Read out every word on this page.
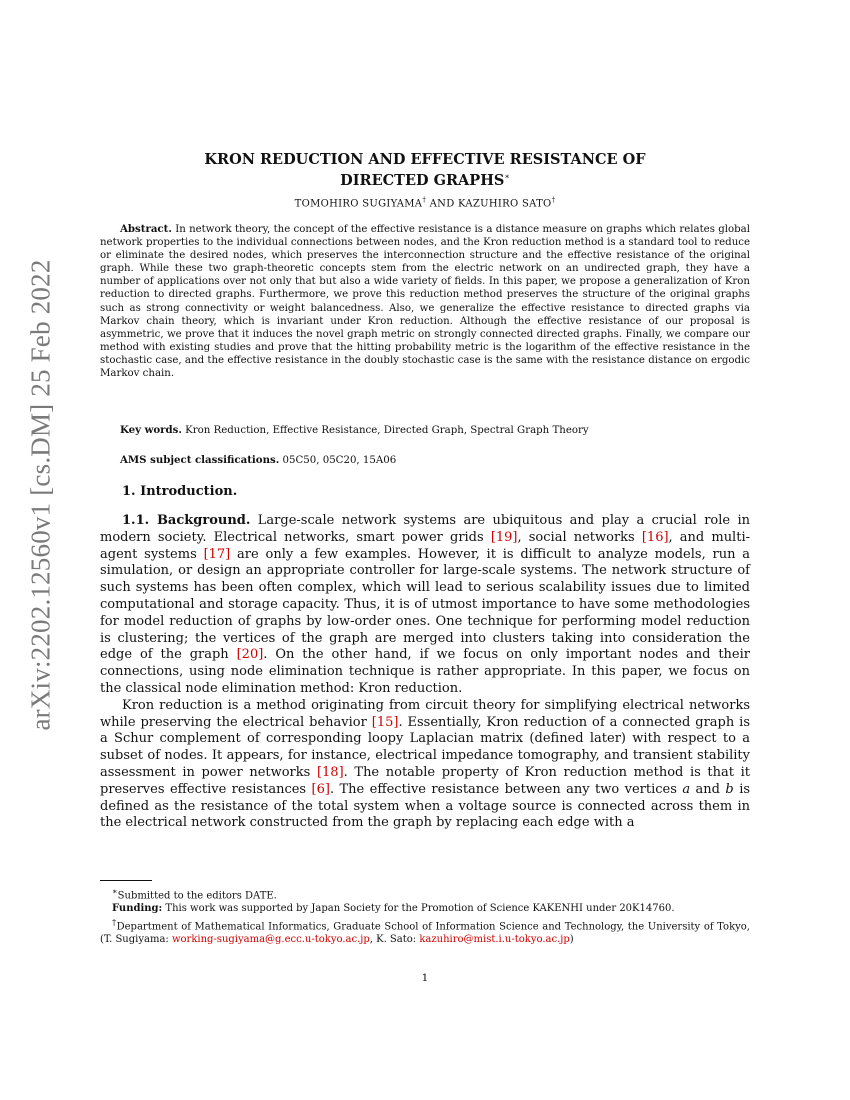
arXiv:2202.12560v1 [cs.DM] 25 Feb 2022
KRON REDUCTION AND EFFECTIVE RESISTANCE OF
DIRECTED GRAPHS∗
TOMOHIRO SUGIYAMA† AND KAZUHIRO SATO†

Abstract. In network theory, the concept of the effective resistance is a distance measure on graphs which relates global network properties to the individual connections between nodes, and the Kron reduction method is a standard tool to reduce or eliminate the desired nodes, which preserves the interconnection structure and the effective resistance of the original graph. While these two graph-theoretic concepts stem from the electric network on an undirected graph, they have a number of applications over not only that but also a wide variety of fields. In this paper, we propose a generalization of Kron reduction to directed graphs. Furthermore, we prove this reduction method preserves the structure of the original graphs such as strong connectivity or weight balancedness. Also, we generalize the effective resistance to directed graphs via Markov chain theory, which is invariant under Kron reduction. Although the effective resistance of our proposal is asymmetric, we prove that it induces the novel graph metric on strongly connected directed graphs. Finally, we compare our method with existing studies and prove that the hitting probability metric is the logarithm of the effective resistance in the stochastic case, and the effective resistance in the doubly stochastic case is the same with the resistance distance on ergodic Markov chain.

Key words. Kron Reduction, Effective Resistance, Directed Graph, Spectral Graph Theory

AMS subject classifications. 05C50, 05C20, 15A06

1. Introduction.

1.1. Background. Large-scale network systems are ubiquitous and play a crucial role in modern society. Electrical networks, smart power grids [19], social networks [16], and multi-agent systems [17] are only a few examples. However, it is difficult to analyze models, run a simulation, or design an appropriate controller for large-scale systems. The network structure of such systems has been often complex, which will lead to serious scalability issues due to limited computational and storage capacity. Thus, it is of utmost importance to have some methodologies for model reduction of graphs by low-order ones. One technique for performing model reduction is clustering; the vertices of the graph are merged into clusters taking into consideration the edge of the graph [20]. On the other hand, if we focus on only important nodes and their connections, using node elimination technique is rather appropriate. In this paper, we focus on the classical node elimination method: Kron reduction.

Kron reduction is a method originating from circuit theory for simplifying electrical networks while preserving the electrical behavior [15]. Essentially, Kron reduction of a connected graph is a Schur complement of corresponding loopy Laplacian matrix (defined later) with respect to a subset of nodes. It appears, for instance, electrical impedance tomography, and transient stability assessment in power networks [18]. The notable property of Kron reduction method is that it preserves effective resistances [6]. The effective resistance between any two vertices a and b is defined as the resistance of the total system when a voltage source is connected across them in the electrical network constructed from the graph by replacing each edge with a

∗Submitted to the editors DATE.

Funding: This work was supported by Japan Society for the Promotion of Science KAKENHI under 20K14760.

†Department of Mathematical Informatics, Graduate School of Information Science and Technology, the University of Tokyo, (T. Sugiyama: working-sugiyama@g.ecc.u-tokyo.ac.jp, K. Sato: kazuhiro@mist.i.u-tokyo.ac.jp)

1
